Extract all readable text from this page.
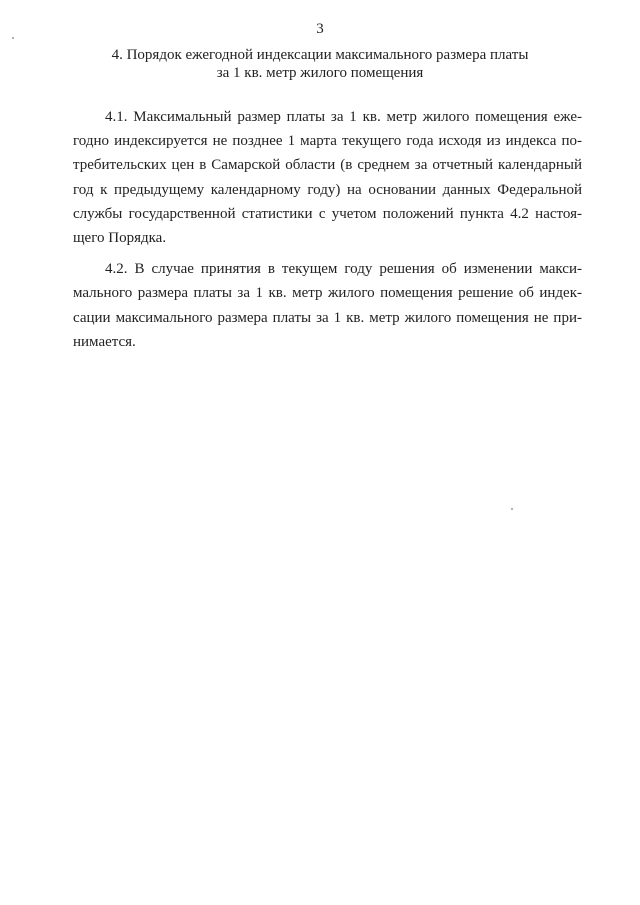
3
4. Порядок ежегодной индексации максимального размера платы
за 1 кв. метр жилого помещения

4.1. Максимальный размер платы за 1 кв. метр жилого помещения ежегодно индексируется не позднее 1 марта текущего года исходя из индекса потребительских цен в Самарской области (в среднем за отчетный календарный год к предыдущему календарному году) на основании данных Федеральной службы государственной статистики с учетом положений пункта 4.2 настоящего Порядка.

4.2. В случае принятия в текущем году решения об изменении максимального размера платы за 1 кв. метр жилого помещения решение об индексации максимального размера платы за 1 кв. метр жилого помещения не принимается.
